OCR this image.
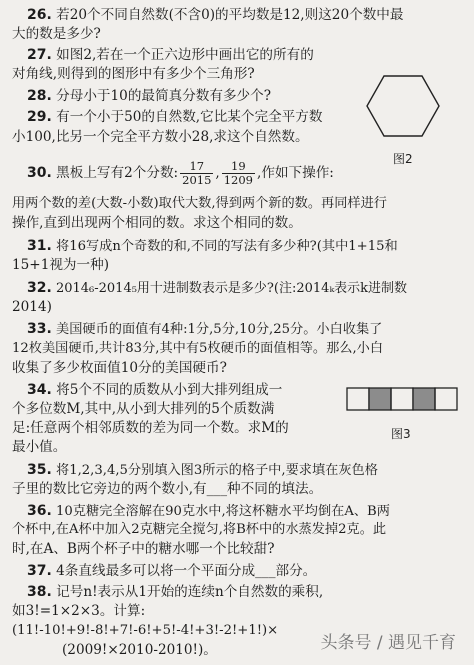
26. 若20个不同自然数(不含0)的平均数是12,则这20个数中最
大的数是多少?
27. 如图2,若在一个正六边形中画出它的所有的
对角线,则得到的图形中有多少个三角形?
28. 分母小于10的最简真分数有多少个?
29. 有一个小于50的自然数,它比某个完全平方数
小100,比另一个完全平方数小28,求这个自然数。
图2
30. 黑板上写有2个分数: $\frac{17}{2015}$ , $\frac{19}{1209}$ ,作如下操作:
用两个数的差(大数-小数)取代大数,得到两个新的数。再同样进行
操作,直到出现两个相同的数。求这个相同的数。
31. 将16写成n个奇数的和,不同的写法有多少种?(其中1+15和
15+1视为一种)
32. 2014₆-2014₅用十进制数表示是多少?(注:2014ₖ表示k进制数
2014)
33. 美国硬币的面值有4种:1分,5分,10分,25分。小白收集了
12枚美国硬币,共计83分,其中有5枚硬币的面值相等。那么,小白
收集了多少枚面值10分的美国硬币?
34. 将5个不同的质数从小到大排列组成一
个多位数M,其中,从小到大排列的5个质数满
足:任意两个相邻质数的差为同一个数。求M的
最小值。
图3
35. 将1,2,3,4,5分别填入图3所示的格子中,要求填在灰色格
子里的数比它旁边的两个数小,有___种不同的填法。
36. 10克糖完全溶解在90克水中,将这杯糖水平均倒在A、B两
个杯中,在A杯中加入2克糖完全搅匀,将B杯中的水蒸发掉2克。此
时,在A、B两个杯子中的糖水哪一个比较甜?
37. 4条直线最多可以将一个平面分成___部分。
38. 记号n!表示从1开始的连续n个自然数的乘积,
如3!=1×2×3。计算:
(11!-10!+9!-8!+7!-6!+5!-4!+3!-2!+1!)×
(2009!×2010-2010!)。	头条号 / 遇见千育
